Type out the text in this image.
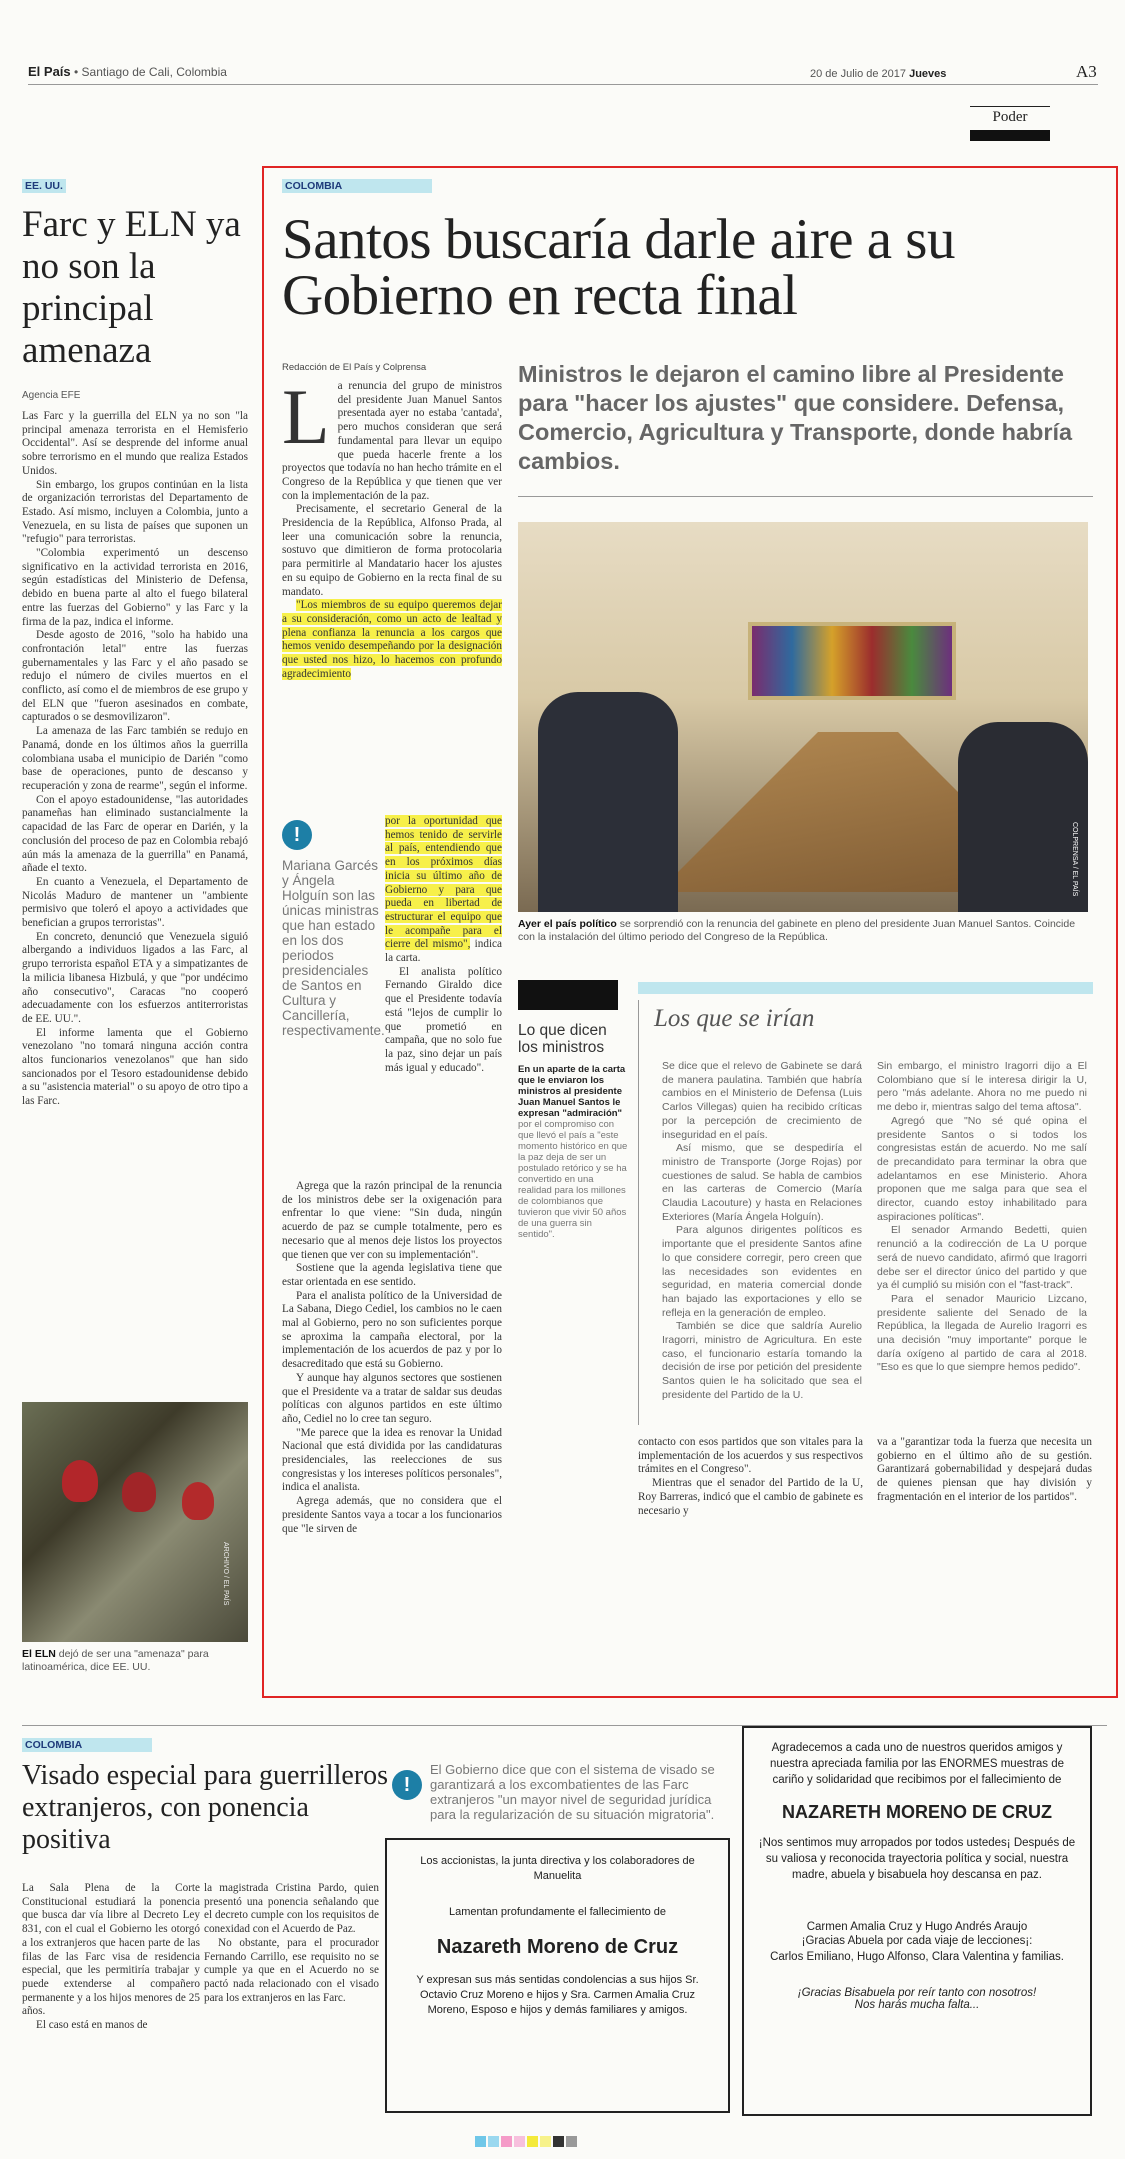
El País • Santiago de Cali, Colombia	20 de Julio de 2017 Jueves	A3
Poder
EE. UU.
Farc y ELN ya no son la principal amenaza
Agencia EFE

Las Farc y la guerrilla del ELN ya no son "la principal amenaza terrorista en el Hemisferio Occidental". Así se desprende del informe anual sobre terrorismo en el mundo que realiza Estados Unidos.

Sin embargo, los grupos continúan en la lista de organización terroristas del Departamento de Estado. Así mismo, incluyen a Colombia, junto a Venezuela, en su lista de países que suponen un "refugio" para terroristas.

"Colombia experimentó un descenso significativo en la actividad terrorista en 2016, según estadísticas del Ministerio de Defensa, debido en buena parte al alto el fuego bilateral entre las fuerzas del Gobierno" y las Farc y la firma de la paz, indica el informe.

Desde agosto de 2016, "solo ha habido una confrontación letal" entre las fuerzas gubernamentales y las Farc y el año pasado se redujo el número de civiles muertos en el conflicto, así como el de miembros de ese grupo y del ELN que "fueron asesinados en combate, capturados o se desmovilizaron".

La amenaza de las Farc también se redujo en Panamá, donde en los últimos años la guerrilla colombiana usaba el municipio de Darién "como base de operaciones, punto de descanso y recuperación y zona de rearme", según el informe.

Con el apoyo estadounidense, "las autoridades panameñas han eliminado sustancialmente la capacidad de las Farc de operar en Darién, y la conclusión del proceso de paz en Colombia rebajó aún más la amenaza de la guerrilla" en Panamá, añade el texto.

En cuanto a Venezuela, el Departamento de Nicolás Maduro de mantener un "ambiente permisivo que toleró el apoyo a actividades que benefician a grupos terroristas".

En concreto, denunció que Venezuela siguió albergando a individuos ligados a las Farc, al grupo terrorista español ETA y a simpatizantes de la milicia libanesa Hizbulá, y que "por undécimo año consecutivo", Caracas "no cooperó adecuadamente con los esfuerzos antiterroristas de EE. UU.".

El informe lamenta que el Gobierno venezolano "no tomará ninguna acción contra altos funcionarios venezolanos" que han sido sancionados por el Tesoro estadounidense debido a su "asistencia material" o su apoyo de otro tipo a las Farc.

ARCHIVO / EL PAÍS
El ELN dejó de ser una "amenaza" para latinoamérica, dice EE. UU.
COLOMBIA
Santos buscaría darle aire a su Gobierno en recta final
Redacción de El País y Colprensa	Ministros le dejaron el camino libre al Presidente para "hacer los ajustes" que considere. Defensa, Comercio, Agricultura y Transporte, donde habría cambios.
L a renuncia del grupo de ministros del presidente Juan Manuel Santos presentada ayer no estaba 'cantada', pero muchos consideran que será fundamental para llevar un equipo que pueda hacerle frente a los proyectos que todavía no han hecho trámite en el Congreso de la República y que tienen que ver con la implementación de la paz.

Precisamente, el secretario General de la Presidencia de la República, Alfonso Prada, al leer una comunicación sobre la renuncia, sostuvo que dimitieron de forma protocolaria para permitirle al Mandatario hacer los ajustes en su equipo de Gobierno en la recta final de su mandato.

"Los miembros de su equipo queremos dejar a su consideración, como un acto de lealtad y plena confianza la renuncia a los cargos que hemos venido desempeñando por la designación que usted nos hizo, lo hacemos con profundo agradecimiento

!
Mariana Garcés y Ángela Holguín son las únicas ministras que han estado en los dos periodos presidenciales de Santos en Cultura y Cancillería, respectivamente.
por la oportunidad que hemos tenido de servirle al país, entendiendo que en los próximos días inicia su último año de Gobierno y para que pueda en libertad de estructurar el equipo que le acompañe para el cierre del mismo", indica la carta.

El analista político Fernando Giraldo dice que el Presidente todavía está "lejos de cumplir lo que prometió en campaña, que no solo fue la paz, sino dejar un país más igual y educado".

Agrega que la razón principal de la renuncia de los ministros debe ser la oxigenación para enfrentar lo que viene: "Sin duda, ningún acuerdo de paz se cumple totalmente, pero es necesario que al menos deje listos los proyectos que tienen que ver con su implementación".

Sostiene que la agenda legislativa tiene que estar orientada en ese sentido.

Para el analista político de la Universidad de La Sabana, Diego Cediel, los cambios no le caen mal al Gobierno, pero no son suficientes porque se aproxima la campaña electoral, por la implementación de los acuerdos de paz y por lo desacreditado que está su Gobierno.

Y aunque hay algunos sectores que sostienen que el Presidente va a tratar de saldar sus deudas políticas con algunos partidos en este último año, Cediel no lo cree tan seguro.

"Me parece que la idea es renovar la Unidad Nacional que está dividida por las candidaturas presidenciales, las reelecciones de sus congresistas y los intereses políticos personales", indica el analista.

Agrega además, que no considera que el presidente Santos vaya a tocar a los funcionarios que "le sirven de

COLPRENSA / EL PAÍS
Ayer el país político se sorprendió con la renuncia del gabinete en pleno del presidente Juan Manuel Santos. Coincide con la instalación del último periodo del Congreso de la República.
Lo que dicen los ministros
En un aparte de la carta que le enviaron los ministros al presidente Juan Manuel Santos le expresan "admiración"
por el compromiso con que llevó el país a "este momento histórico en que la paz deja de ser un postulado retórico y se ha convertido en una realidad para los millones de colombianos que tuvieron que vivir 50 años de una guerra sin sentido".
Los que se irían

Se dice que el relevo de Gabinete se dará de manera paulatina. También que habría cambios en el Ministerio de Defensa (Luis Carlos Villegas) quien ha recibido críticas por la percepción de crecimiento de inseguridad en el país.

Así mismo, que se despediría el ministro de Transporte (Jorge Rojas) por cuestiones de salud. Se habla de cambios en las carteras de Comercio (María Claudia Lacouture) y hasta en Relaciones Exteriores (María Ángela Holguín).

Para algunos dirigentes políticos es importante que el presidente Santos afine lo que considere corregir, pero creen que las necesidades son evidentes en seguridad, en materia comercial donde han bajado las exportaciones y ello se refleja en la generación de empleo.

También se dice que saldría Aurelio Iragorri, ministro de Agricultura. En este caso, el funcionario estaría tomando la decisión de irse por petición del presidente Santos quien le ha solicitado que sea el presidente del Partido de la U.

Sin embargo, el ministro Iragorri dijo a El Colombiano que sí le interesa dirigir la U, pero "más adelante. Ahora no me puedo ni me debo ir, mientras salgo del tema aftosa".

Agregó que "No sé qué opina el presidente Santos o si todos los congresistas están de acuerdo. No me salí de precandidato para terminar la obra que adelantamos en ese Ministerio. Ahora proponen que me salga para que sea el director, cuando estoy inhabilitado para aspiraciones políticas".

El senador Armando Bedetti, quien renunció a la codirección de La U porque será de nuevo candidato, afirmó que Iragorri debe ser el director único del partido y que ya él cumplió su misión con el "fast-track".

Para el senador Mauricio Lizcano, presidente saliente del Senado de la República, la llegada de Aurelio Iragorri es una decisión "muy importante" porque le daría oxígeno al partido de cara al 2018. "Eso es que lo que siempre hemos pedido".

contacto con esos partidos que son vitales para la implementación de los acuerdos y sus respectivos trámites en el Congreso".

Mientras que el senador del Partido de la U, Roy Barreras, indicó que el cambio de gabinete es necesario y

va a "garantizar toda la fuerza que necesita un gobierno en el último año de su gestión. Garantizará gobernabilidad y despejará dudas de quienes piensan que hay división y fragmentación en el interior de los partidos".
COLOMBIA
Visado especial para guerrilleros extranjeros, con ponencia positiva
La Sala Plena de la Corte Constitucional estudiará la ponencia que busca dar vía libre al Decreto Ley 831, con el cual el Gobierno les otorgó a los extranjeros que hacen parte de las filas de las Farc visa de residencia especial, que les permitiría trabajar y puede extenderse al compañero permanente y a los hijos menores de 25 años.

El caso está en manos de

la magistrada Cristina Pardo, quien presentó una ponencia señalando que el decreto cumple con los requisitos de conexidad con el Acuerdo de Paz.

No obstante, para el procurador Fernando Carrillo, ese requisito no se cumple ya que en el Acuerdo no se pactó nada relacionado con el visado para los extranjeros en las Farc.

!
El Gobierno dice que con el sistema de visado se garantizará a los excombatientes de las Farc extranjeros "un mayor nivel de seguridad jurídica para la regularización de su situación migratoria".
Los accionistas, la junta directiva y los colaboradores de
Manuelita
Lamentan profundamente el fallecimiento de
Nazareth Moreno de Cruz
Y expresan sus más sentidas condolencias a sus hijos Sr. Octavio Cruz Moreno e hijos y Sra. Carmen Amalia Cruz Moreno, Esposo e hijos y demás familiares y amigos.
Agradecemos a cada uno de nuestros queridos amigos y nuestra apreciada familia por las ENORMES muestras de cariño y solidaridad que recibimos por el fallecimiento de
NAZARETH MORENO DE CRUZ
¡Nos sentimos muy arropados por todos ustedes¡ Después de su valiosa y reconocida trayectoria política y social, nuestra madre, abuela y bisabuela hoy descansa en paz.
Carmen Amalia Cruz y Hugo Andrés Araujo
¡Gracias Abuela por cada viaje de lecciones¡:
Carlos Emiliano, Hugo Alfonso, Clara Valentina y familias.
¡Gracias Bisabuela por reír tanto con nosotros!
Nos harás mucha falta...
